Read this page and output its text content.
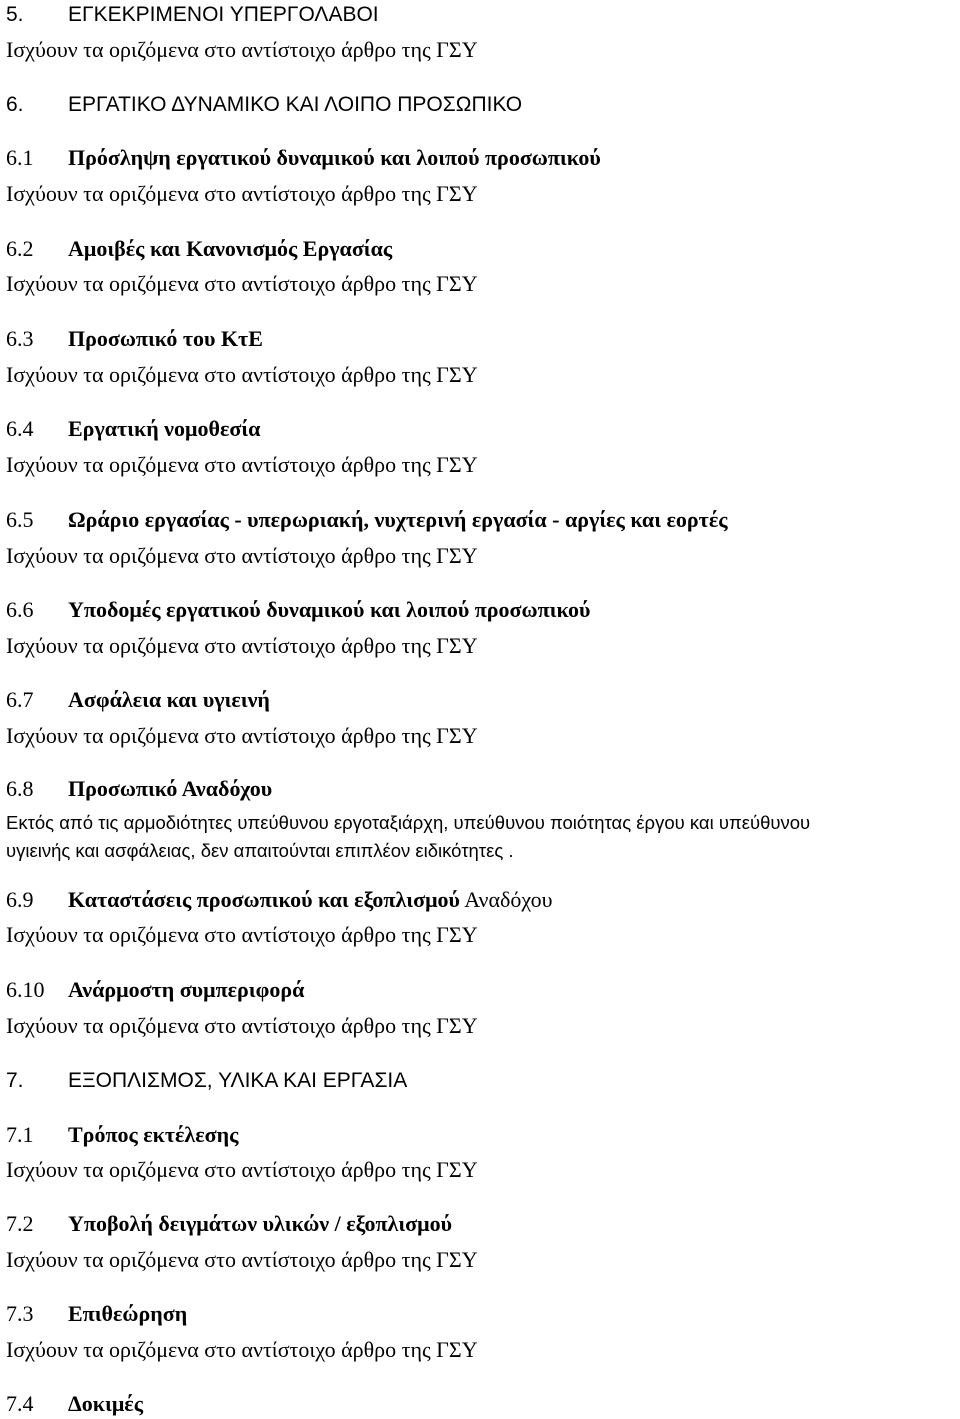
5. ΕΓΚΕΚΡΙΜΕΝΟΙ ΥΠΕΡΓΟΛΑΒΟΙ
Ισχύουν τα οριζόμενα στο αντίστοιχο άρθρο της ΓΣΥ
6. ΕΡΓΑΤΙΚΟ ΔΥΝΑΜΙΚΟ ΚΑΙ ΛΟΙΠΟ ΠΡΟΣΩΠΙΚΟ
6.1 Πρόσληψη εργατικού δυναμικού και λοιπού προσωπικού
Ισχύουν τα οριζόμενα στο αντίστοιχο άρθρο της ΓΣΥ
6.2 Αμοιβές και Κανονισμός Εργασίας
Ισχύουν τα οριζόμενα στο αντίστοιχο άρθρο της ΓΣΥ
6.3 Προσωπικό του ΚτΕ
Ισχύουν τα οριζόμενα στο αντίστοιχο άρθρο της ΓΣΥ
6.4 Εργατική νομοθεσία
Ισχύουν τα οριζόμενα στο αντίστοιχο άρθρο της ΓΣΥ
6.5 Ωράριο εργασίας - υπερωριακή, νυχτερινή εργασία - αργίες και εορτές
Ισχύουν τα οριζόμενα στο αντίστοιχο άρθρο της ΓΣΥ
6.6 Υποδομές εργατικού δυναμικού και λοιπού προσωπικού
Ισχύουν τα οριζόμενα στο αντίστοιχο άρθρο της ΓΣΥ
6.7 Ασφάλεια και υγιεινή
Ισχύουν τα οριζόμενα στο αντίστοιχο άρθρο της ΓΣΥ
6.8 Προσωπικό Αναδόχου
Εκτός από τις αρμοδιότητες υπεύθυνου εργοταξιάρχη, υπεύθυνου ποιότητας έργου και υπεύθυνου
υγιεινής και ασφάλειας, δεν απαιτούνται επιπλέον ειδικότητες .
6.9 Καταστάσεις προσωπικού και εξοπλισμού Αναδόχου
Ισχύουν τα οριζόμενα στο αντίστοιχο άρθρο της ΓΣΥ
6.10 Ανάρμοστη συμπεριφορά
Ισχύουν τα οριζόμενα στο αντίστοιχο άρθρο της ΓΣΥ
7. ΕΞΟΠΛΙΣΜΟΣ, ΥΛΙΚΑ ΚΑΙ ΕΡΓΑΣΙΑ
7.1 Τρόπος εκτέλεσης
Ισχύουν τα οριζόμενα στο αντίστοιχο άρθρο της ΓΣΥ
7.2 Υποβολή δειγμάτων υλικών / εξοπλισμού
Ισχύουν τα οριζόμενα στο αντίστοιχο άρθρο της ΓΣΥ
7.3 Επιθεώρηση
Ισχύουν τα οριζόμενα στο αντίστοιχο άρθρο της ΓΣΥ
7.4 Δοκιμές
